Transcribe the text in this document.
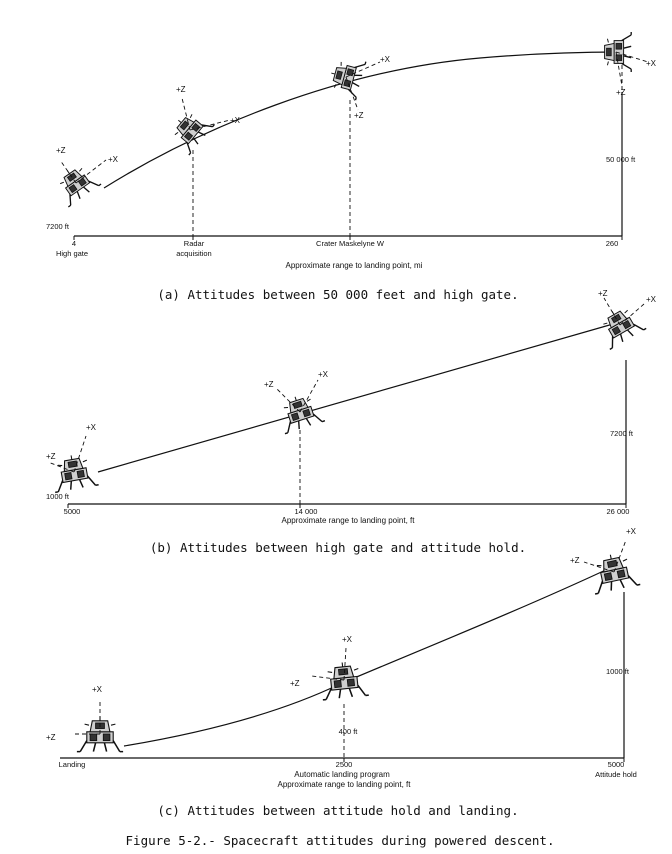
+Z
+X
+Z
+X
+Z
+X
+Z
+X
7200 ft
50 000 ft
4
High gate
Radar
acquisition
Crater Maskelyne W	260
Approximate range to landing point, mi
(a) Attitudes between 50 000 feet and high gate.
+Z
+X
+Z
+X
+Z
+X
1000 ft
7200 ft
5000	14 000	26 000
Approximate range to landing point, ft
(b) Attitudes between high gate and attitude hold.
+Z
+X
+Z
+X
+Z
+X
400 ft
1000 ft
Landing	2500	5000
Attitude hold
Automatic landing program
Approximate range to landing point, ft
(c) Attitudes between attitude hold and landing.
Figure 5-2.- Spacecraft attitudes during powered descent.
